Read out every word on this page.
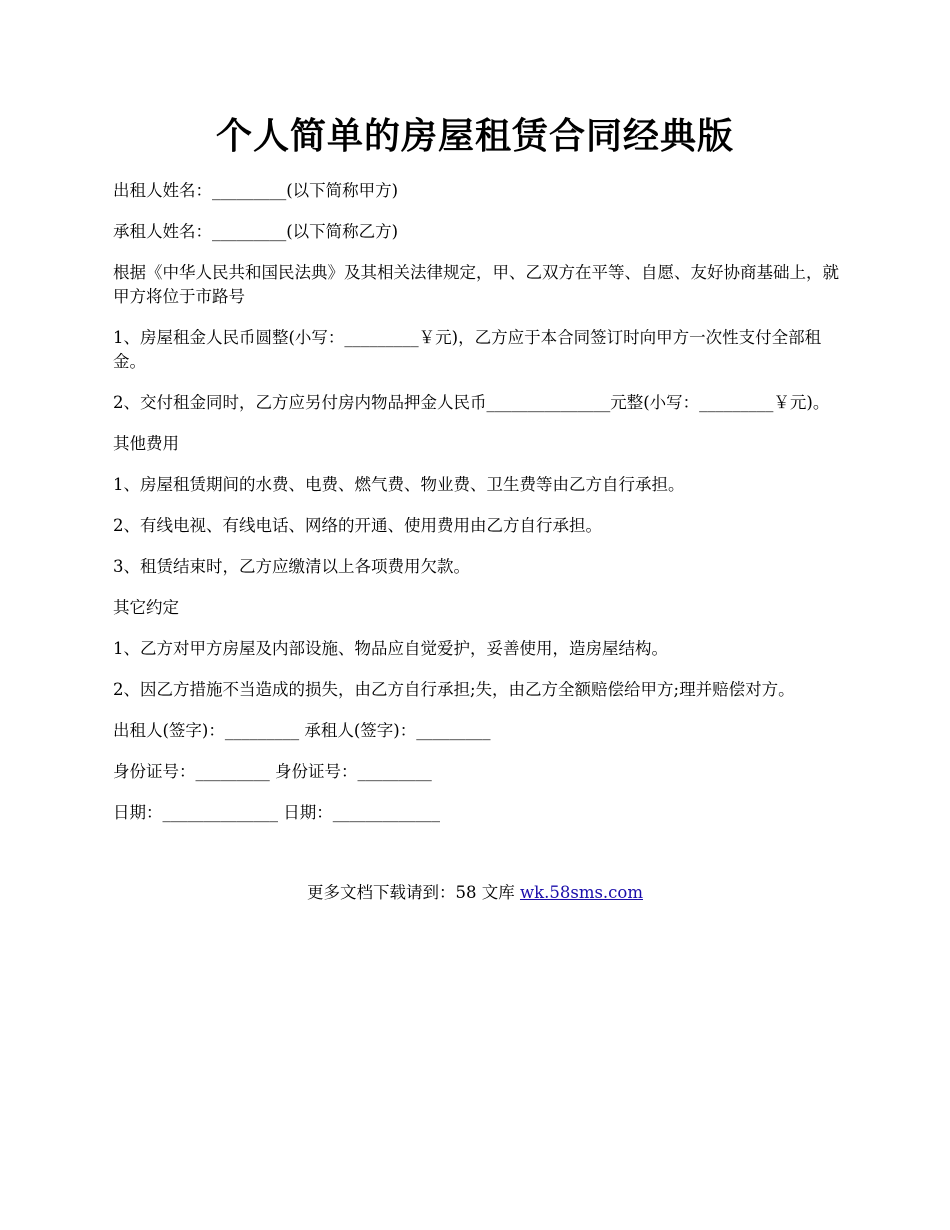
个人简单的房屋租赁合同经典版

出租人姓名：_________(以下简称甲方)

承租人姓名：_________(以下简称乙方)

根据《中华人民共和国民法典》及其相关法律规定，甲、乙双方在平等、自愿、友好协商基础上，就甲方将位于市路号

1、房屋租金人民币圆整(小写：_________￥元)，乙方应于本合同签订时向甲方一次性支付全部租金。

2、交付租金同时，乙方应另付房内物品押金人民币_______________元整(小写：_________￥元)。

其他费用

1、房屋租赁期间的水费、电费、燃气费、物业费、卫生费等由乙方自行承担。

2、有线电视、有线电话、网络的开通、使用费用由乙方自行承担。

3、租赁结束时，乙方应缴清以上各项费用欠款。

其它约定

1、乙方对甲方房屋及内部设施、物品应自觉爱护，妥善使用，造房屋结构。

2、因乙方措施不当造成的损失，由乙方自行承担;失，由乙方全额赔偿给甲方;理并赔偿对方。

出租人(签字)：_________ 承租人(签字)：_________

身份证号：_________ 身份证号：_________

日期：______________ 日期：_____________

更多文档下载请到：58 文库 wk.58sms.com
